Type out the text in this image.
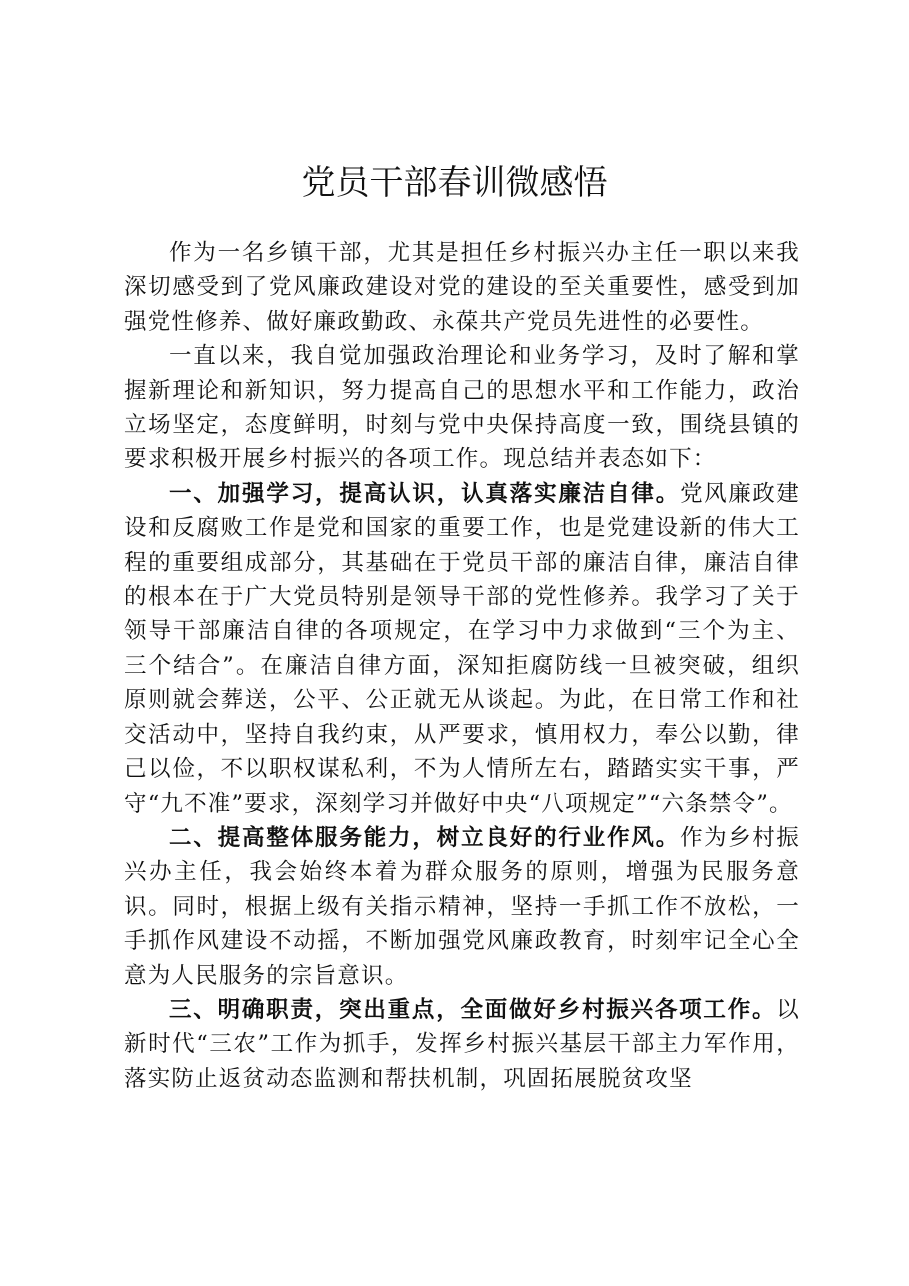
党员干部春训微感悟

作为一名乡镇干部，尤其是担任乡村振兴办主任一职以来我深切感受到了党风廉政建设对党的建设的至关重要性，感受到加强党性修养、做好廉政勤政、永葆共产党员先进性的必要性。

一直以来，我自觉加强政治理论和业务学习，及时了解和掌握新理论和新知识，努力提高自己的思想水平和工作能力，政治立场坚定，态度鲜明，时刻与党中央保持高度一致，围绕县镇的要求积极开展乡村振兴的各项工作。现总结并表态如下：

一、加强学习，提高认识，认真落实廉洁自律。党风廉政建设和反腐败工作是党和国家的重要工作，也是党建设新的伟大工程的重要组成部分，其基础在于党员干部的廉洁自律，廉洁自律的根本在于广大党员特别是领导干部的党性修养。我学习了关于领导干部廉洁自律的各项规定，在学习中力求做到“三个为主、三个结合”。在廉洁自律方面，深知拒腐防线一旦被突破，组织原则就会葬送，公平、公正就无从谈起。为此，在日常工作和社交活动中，坚持自我约束，从严要求，慎用权力，奉公以勤，律己以俭，不以职权谋私利，不为人情所左右，踏踏实实干事，严守“九不准”要求，深刻学习并做好中央“八项规定”“六条禁令”。

二、提高整体服务能力，树立良好的行业作风。作为乡村振兴办主任，我会始终本着为群众服务的原则，增强为民服务意识。同时，根据上级有关指示精神，坚持一手抓工作不放松，一手抓作风建设不动摇，不断加强党风廉政教育，时刻牢记全心全意为人民服务的宗旨意识。

三、明确职责，突出重点，全面做好乡村振兴各项工作。以新时代“三农”工作为抓手，发挥乡村振兴基层干部主力军作用，落实防止返贫动态监测和帮扶机制，巩固拓展脱贫攻坚
